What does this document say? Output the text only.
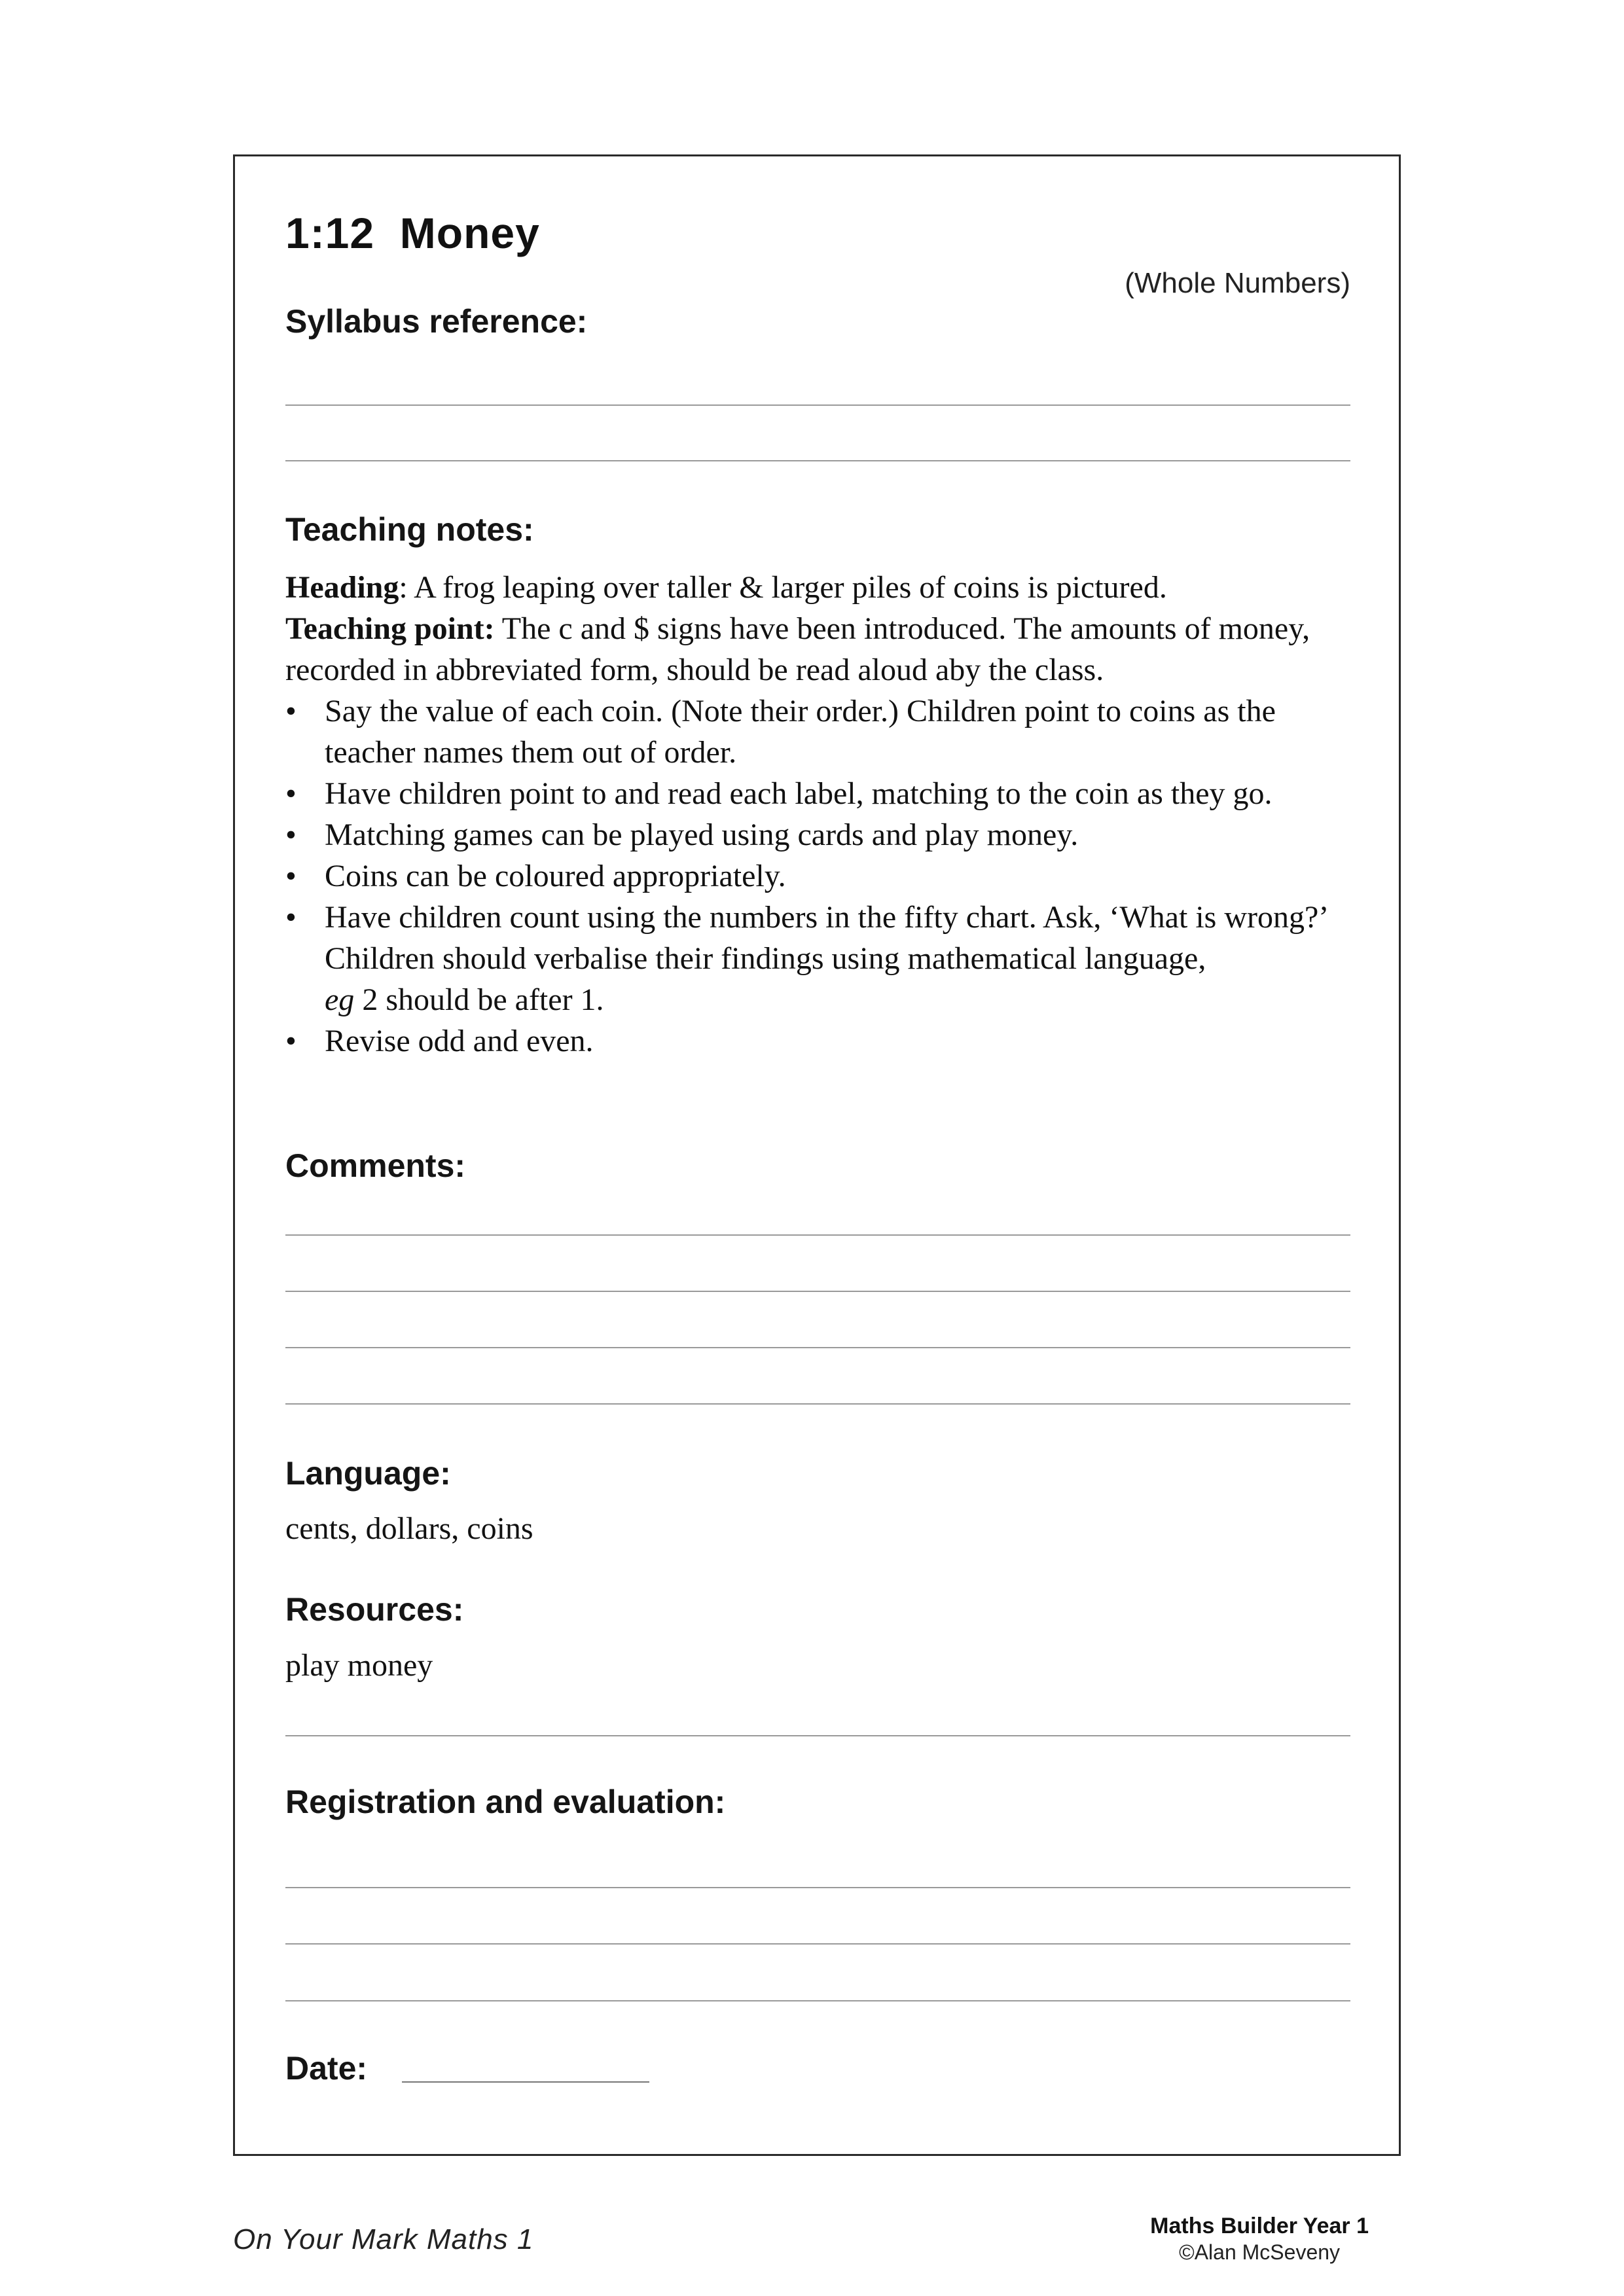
1:12  Money
(Whole Numbers)
Syllabus reference:
Teaching notes:

Heading: A frog leaping over taller & larger piles of coins is pictured.

Teaching point: The c and $ signs have been introduced. The amounts of money, recorded in abbreviated form, should be read aloud aby the class.

• Say the value of each coin. (Note their order.) Children point to coins as the teacher names them out of order.
• Have children point to and read each label, matching to the coin as they go.
• Matching games can be played using cards and play money.
• Coins can be coloured appropriately.
• Have children count using the numbers in the fifty chart. Ask, ‘What is wrong?’ Children should verbalise their findings using mathematical language,
eg 2 should be after 1.
• Revise odd and even.
Comments:
Language:
cents, dollars, coins
Resources:
play money
Registration and evaluation:
Date:
On Your Mark Maths 1	Maths Builder Year 1
©Alan McSeveny
